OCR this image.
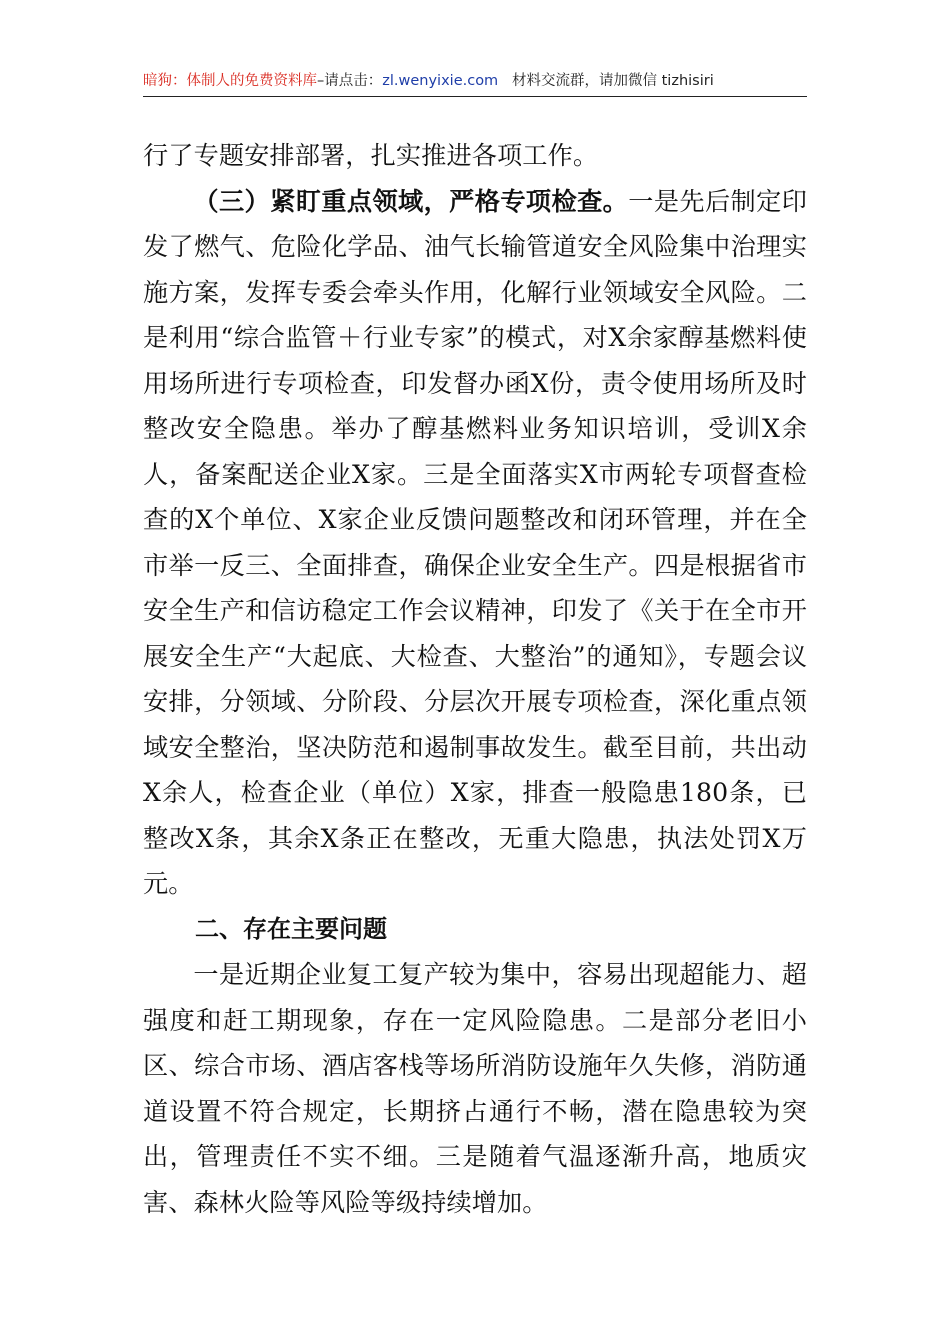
暗狗：体制人的免费资料库–请点击：zl.wenyixie.com 材料交流群，请加微信 tizhisiri

行了专题安排部署，扎实推进各项工作。

（三）紧盯重点领域，严格专项检查。一是先后制定印发了燃气、危险化学品、油气长输管道安全风险集中治理实施方案，发挥专委会牵头作用，化解行业领域安全风险。二是利用“综合监管＋行业专家”的模式，对X余家醇基燃料使用场所进行专项检查，印发督办函X份，责令使用场所及时整改安全隐患。举办了醇基燃料业务知识培训，受训X余人，备案配送企业X家。三是全面落实X市两轮专项督查检查的X个单位、X家企业反馈问题整改和闭环管理，并在全市举一反三、全面排查，确保企业安全生产。四是根据省市安全生产和信访稳定工作会议精神，印发了《关于在全市开展安全生产“大起底、大检查、大整治”的通知》，专题会议安排，分领域、分阶段、分层次开展专项检查，深化重点领域安全整治，坚决防范和遏制事故发生。截至目前，共出动X余人，检查企业（单位）X家，排查一般隐患180条，已整改X条，其余X条正在整改，无重大隐患，执法处罚X万元。

二、存在主要问题

一是近期企业复工复产较为集中，容易出现超能力、超强度和赶工期现象，存在一定风险隐患。二是部分老旧小区、综合市场、酒店客栈等场所消防设施年久失修，消防通道设置不符合规定，长期挤占通行不畅，潜在隐患较为突出，管理责任不实不细。三是随着气温逐渐升高，地质灾害、森林火险等风险等级持续增加。
